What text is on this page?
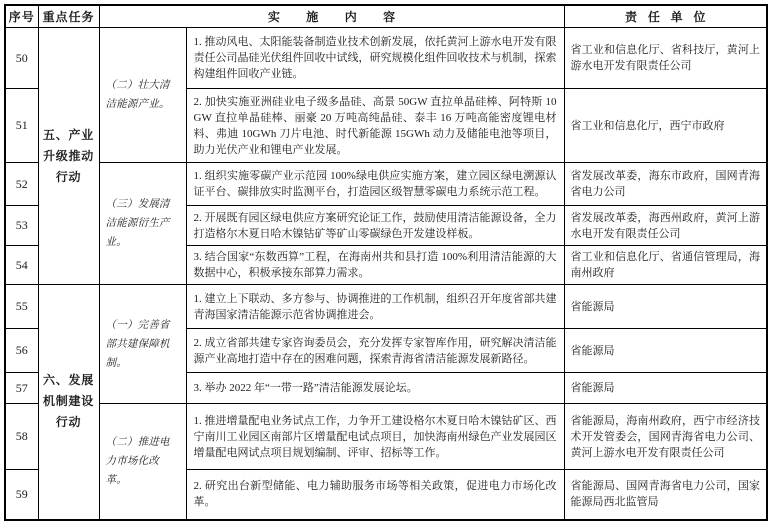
序号	重点任务	实施内容		责任单位
50	五、产业升级推动行动	（二）壮大清洁能源产业。	1. 推动风电、太阳能装备制造业技术创新发展，依托黄河上游水电开发有限责任公司晶硅光伏组件回收中试线，研究规模化组件回收技术与机制，探索构建组件回收产业链。	省工业和信息化厅、省科技厅，黄河上游水电开发有限责任公司
51			2. 加快实施亚洲硅业电子级多晶硅、高景 50GW 直拉单晶硅棒、阿特斯 10GW 直拉单晶硅棒、丽豪 20 万吨高纯晶硅、泰丰 16 万吨高能密度锂电材料、弗迪 10GWh 刀片电池、时代新能源 15GWh 动力及储能电池等项目，助力光伏产业和锂电产业发展。	省工业和信息化厅，西宁市政府
52		（三）发展清洁能源衍生产业。	1. 组织实施零碳产业示范园 100%绿电供应实施方案，建立园区绿电溯源认证平台、碳排放实时监测平台，打造园区级智慧零碳电力系统示范工程。	省发展改革委，海东市政府，国网青海省电力公司
53			2. 开展既有园区绿电供应方案研究论证工作，鼓励使用清洁能源设备，全力打造格尔木夏日哈木镍钴矿等矿山零碳绿色开发建设样板。	省发展改革委，海西州政府，黄河上游水电开发有限责任公司
54			3. 结合国家“东数西算”工程，在海南州共和县打造 100%利用清洁能源的大数据中心，积极承接东部算力需求。	省工业和信息化厅、省通信管理局，海南州政府
55	六、发展机制建设行动	（一）完善省部共建保障机制。	1. 建立上下联动、多方参与、协调推进的工作机制，组织召开年度省部共建青海国家清洁能源示范省协调推进会。	省能源局
56			2. 成立省部共建专家咨询委员会，充分发挥专家智库作用，研究解决清洁能源产业高地打造中存在的困难问题，探索青海省清洁能源发展新路径。	省能源局
57			3. 举办 2022 年“一带一路”清洁能源发展论坛。	省能源局
58		（二）推进电力市场化改革。	1. 推进增量配电业务试点工作，力争开工建设格尔木夏日哈木镍钴矿区、西宁南川工业园区南部片区增量配电试点项目，加快海南州绿色产业发展园区增量配电网试点项目规划编制、评审、招标等工作。	省能源局，海南州政府，西宁市经济技术开发管委会，国网青海省电力公司、黄河上游水电开发有限责任公司
59			2. 研究出台新型储能、电力辅助服务市场等相关政策，促进电力市场化改革。	省能源局、国网青海省电力公司，国家能源局西北监管局
